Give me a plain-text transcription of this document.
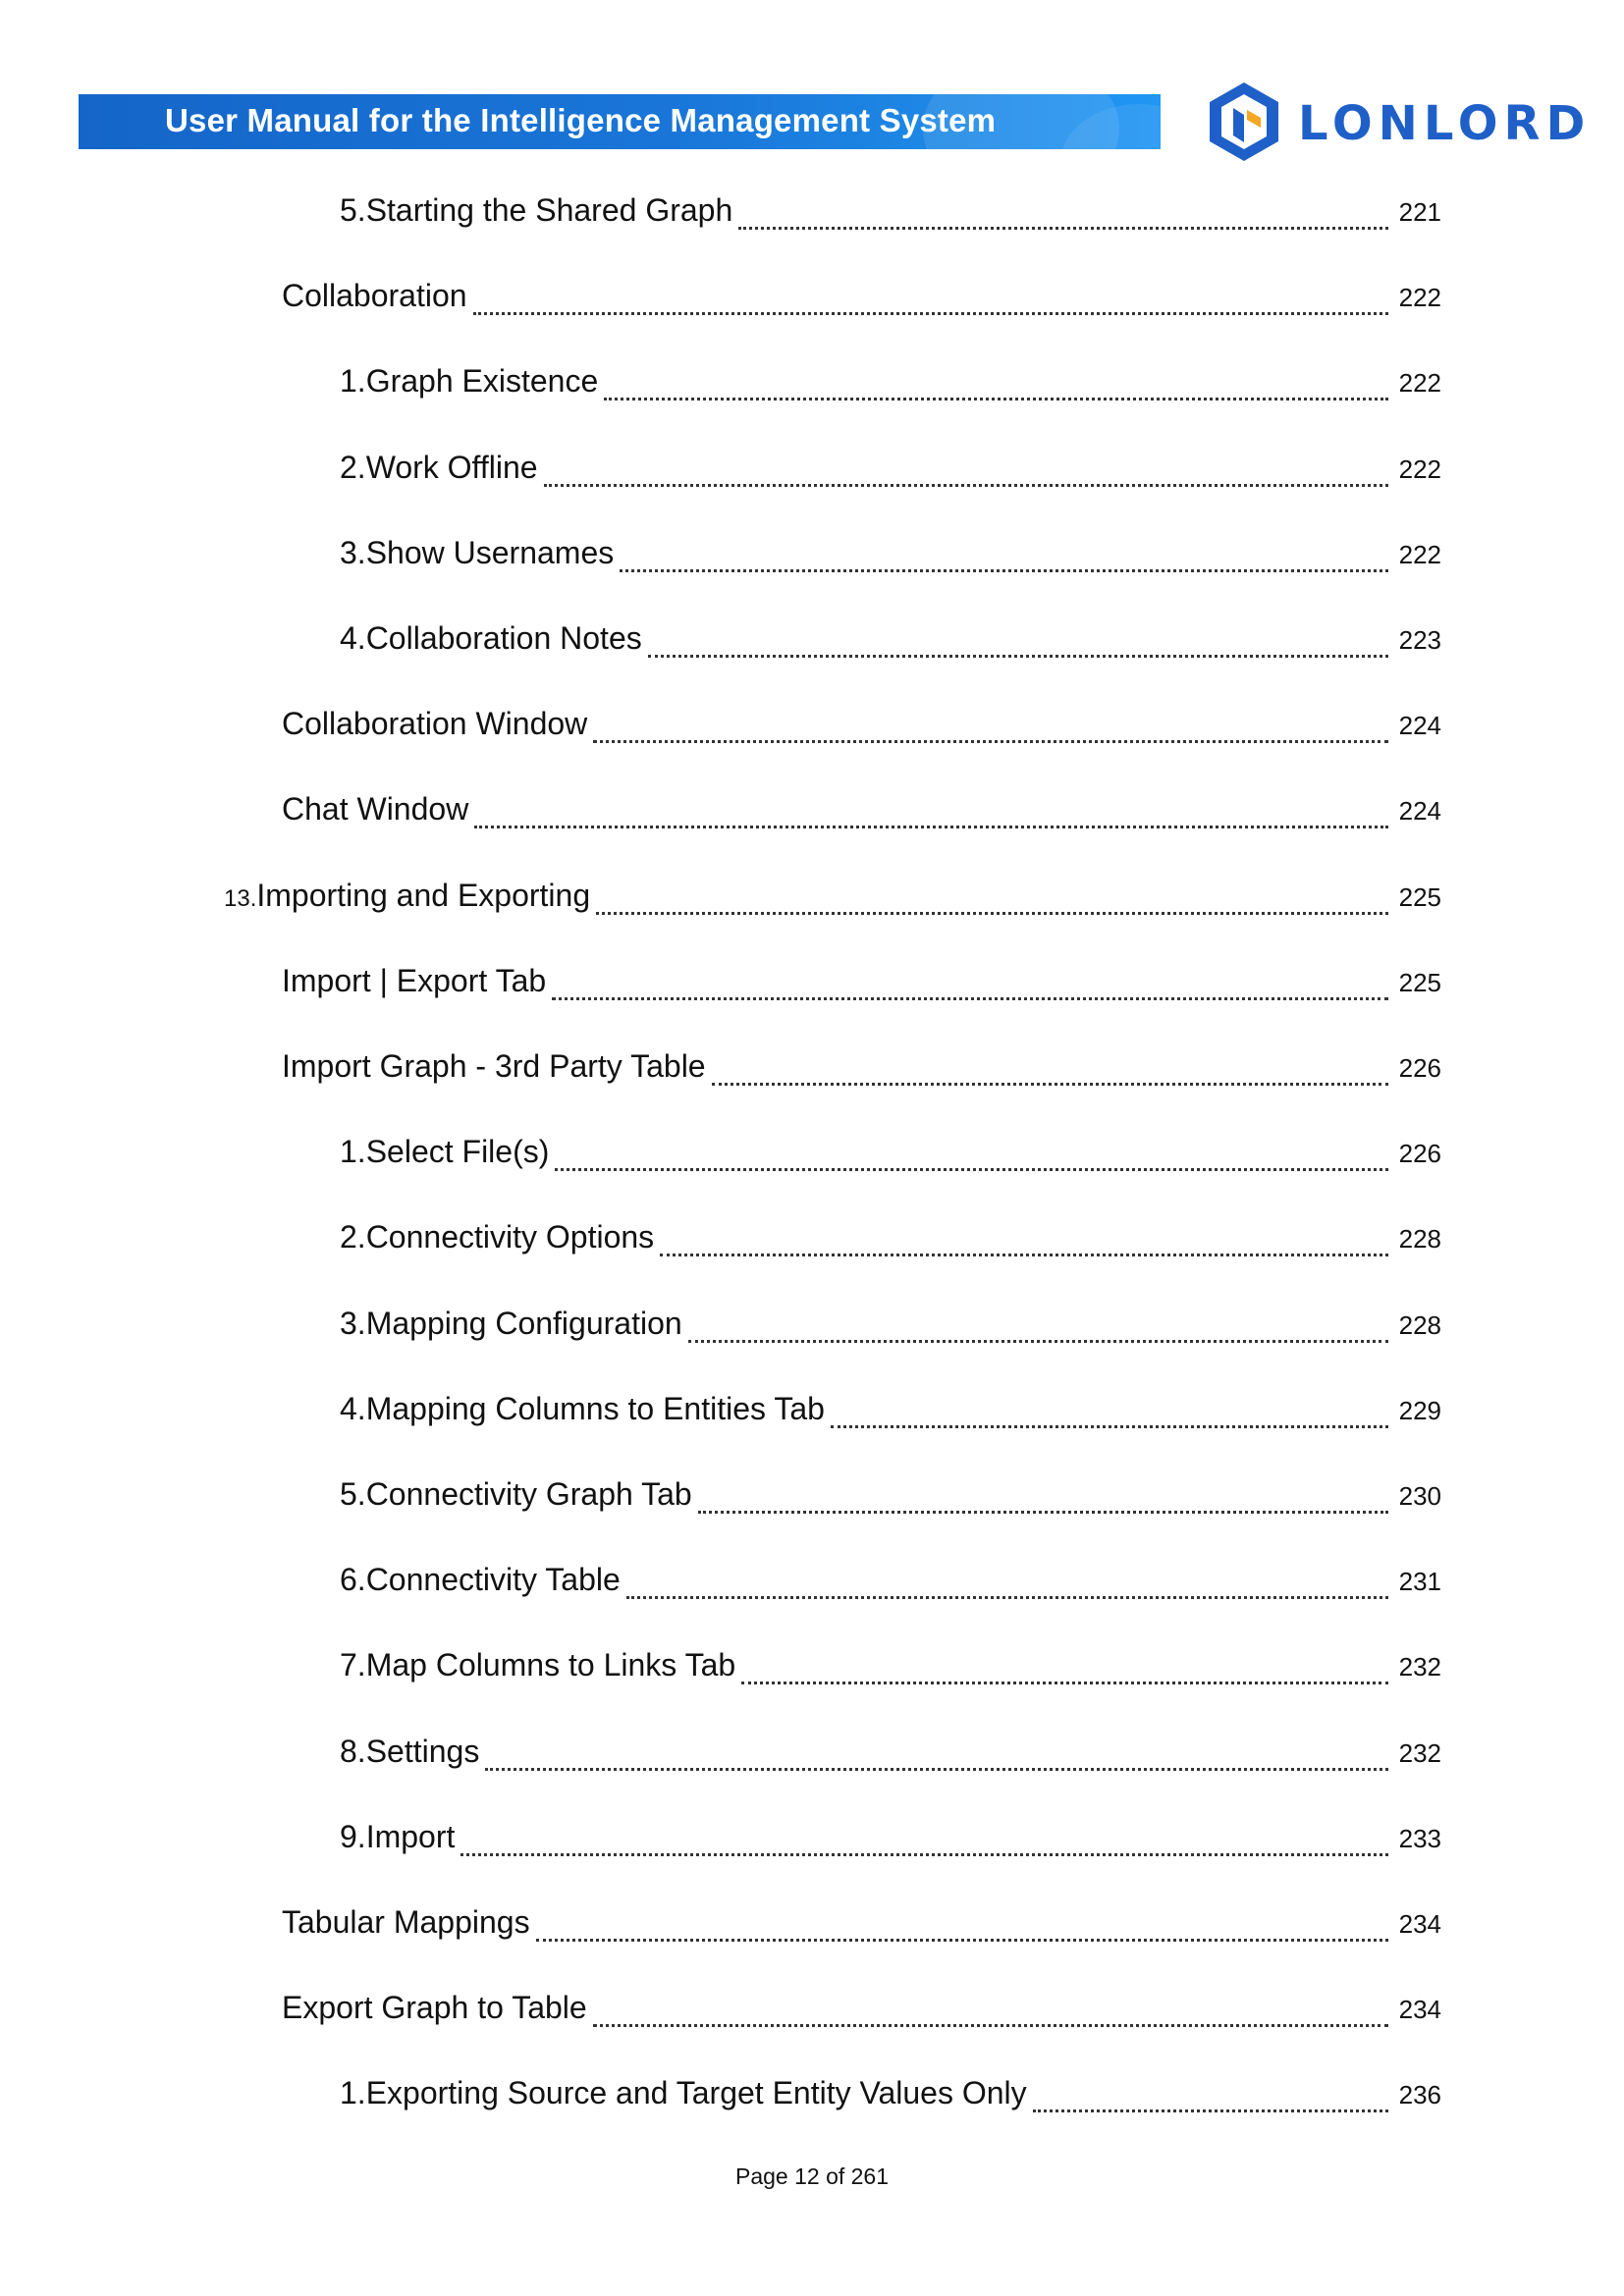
User Manual for the Intelligence Management System	LONLORD
5.Starting the Shared Graph	221
Collaboration	222
1.Graph Existence	222
2.Work Offline	222
3.Show Usernames	222
4.Collaboration Notes	223
Collaboration Window	224
Chat Window	224
13.Importing and Exporting	225
Import | Export Tab	225
Import Graph - 3rd Party Table	226
1.Select File(s)	226
2.Connectivity Options	228
3.Mapping Configuration	228
4.Mapping Columns to Entities Tab	229
5.Connectivity Graph Tab	230
6.Connectivity Table	231
7.Map Columns to Links Tab	232
8.Settings	232
9.Import	233
Tabular Mappings	234
Export Graph to Table	234
1.Exporting Source and Target Entity Values Only	236
Page 12 of 261
